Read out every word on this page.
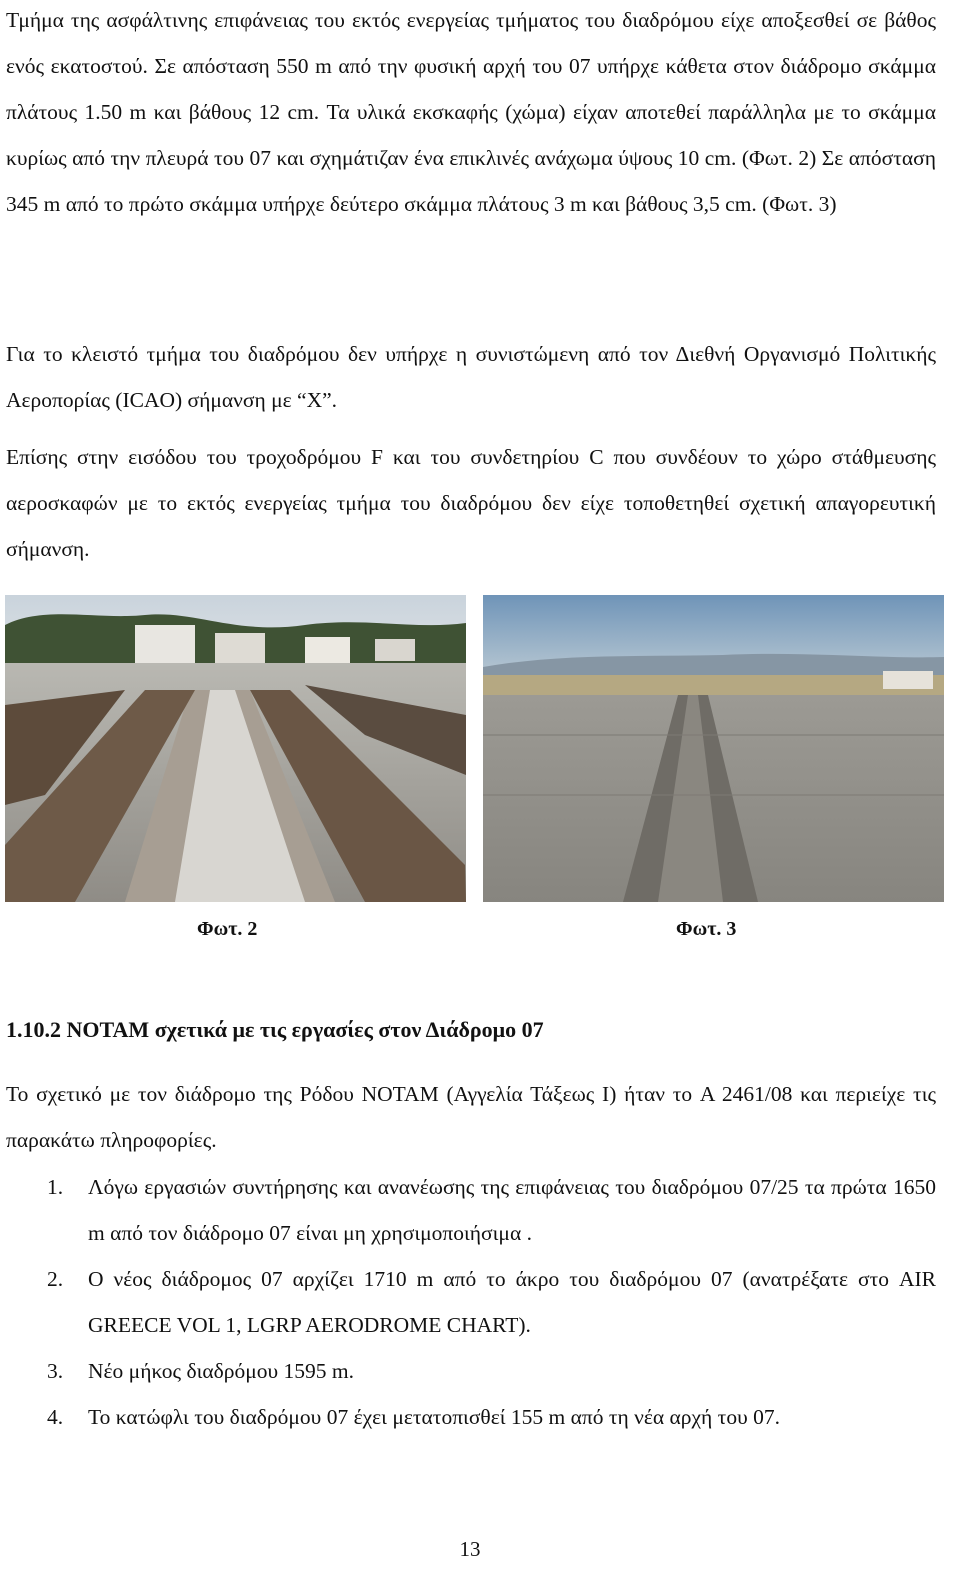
Τμήμα της ασφάλτινης επιφάνειας του εκτός ενεργείας τμήματος του διαδρόμου είχε αποξεσθεί σε βάθος ενός εκατοστού. Σε απόσταση 550 m από την φυσική αρχή του 07 υπήρχε κάθετα στον διάδρομο σκάμμα πλάτους 1.50 m και βάθους 12 cm. Τα υλικά εκσκαφής (χώμα) είχαν αποτεθεί παράλληλα με το σκάμμα κυρίως από την πλευρά του 07 και σχημάτιζαν ένα επικλινές ανάχωμα ύψους 10 cm. (Φωτ. 2) Σε απόσταση 345 m από το πρώτο σκάμμα υπήρχε δεύτερο σκάμμα πλάτους 3 m και βάθους 3,5 cm. (Φωτ. 3)

Για το κλειστό τμήμα του διαδρόμου δεν υπήρχε η συνιστώμενη από τον Διεθνή Οργανισμό Πολιτικής Αεροπορίας (ICAO) σήμανση με “X”.

Επίσης στην εισόδου του τροχοδρόμου F και του συνδετηρίου C που συνδέουν το χώρο στάθμευσης αεροσκαφών με το εκτός ενεργείας τμήμα του διαδρόμου δεν είχε τοποθετηθεί σχετική απαγορευτική σήμανση.

Φωτ. 2	Φωτ. 3
1.10.2 NOTAM σχετικά με τις εργασίες στον Διάδρομο 07

Το σχετικό με τον διάδρομο της Ρόδου NOTAM (Αγγελία Τάξεως Ι) ήταν το A 2461/08 και περιείχε τις παρακάτω πληροφορίες.

1. Λόγω εργασιών συντήρησης και ανανέωσης της επιφάνειας του διαδρόμου 07/25 τα πρώτα 1650 m από τον διάδρομο 07 είναι μη χρησιμοποιήσιμα .
2. Ο νέος διάδρομος 07 αρχίζει 1710 m από το άκρο του διαδρόμου 07 (ανατρέξατε στο AIR GREECE VOL 1, LGRP AERODROME CHART).
3. Νέο μήκος διαδρόμου 1595 m.
4. Το κατώφλι του διαδρόμου 07 έχει μετατοπισθεί 155 m από τη νέα αρχή του 07.
13
